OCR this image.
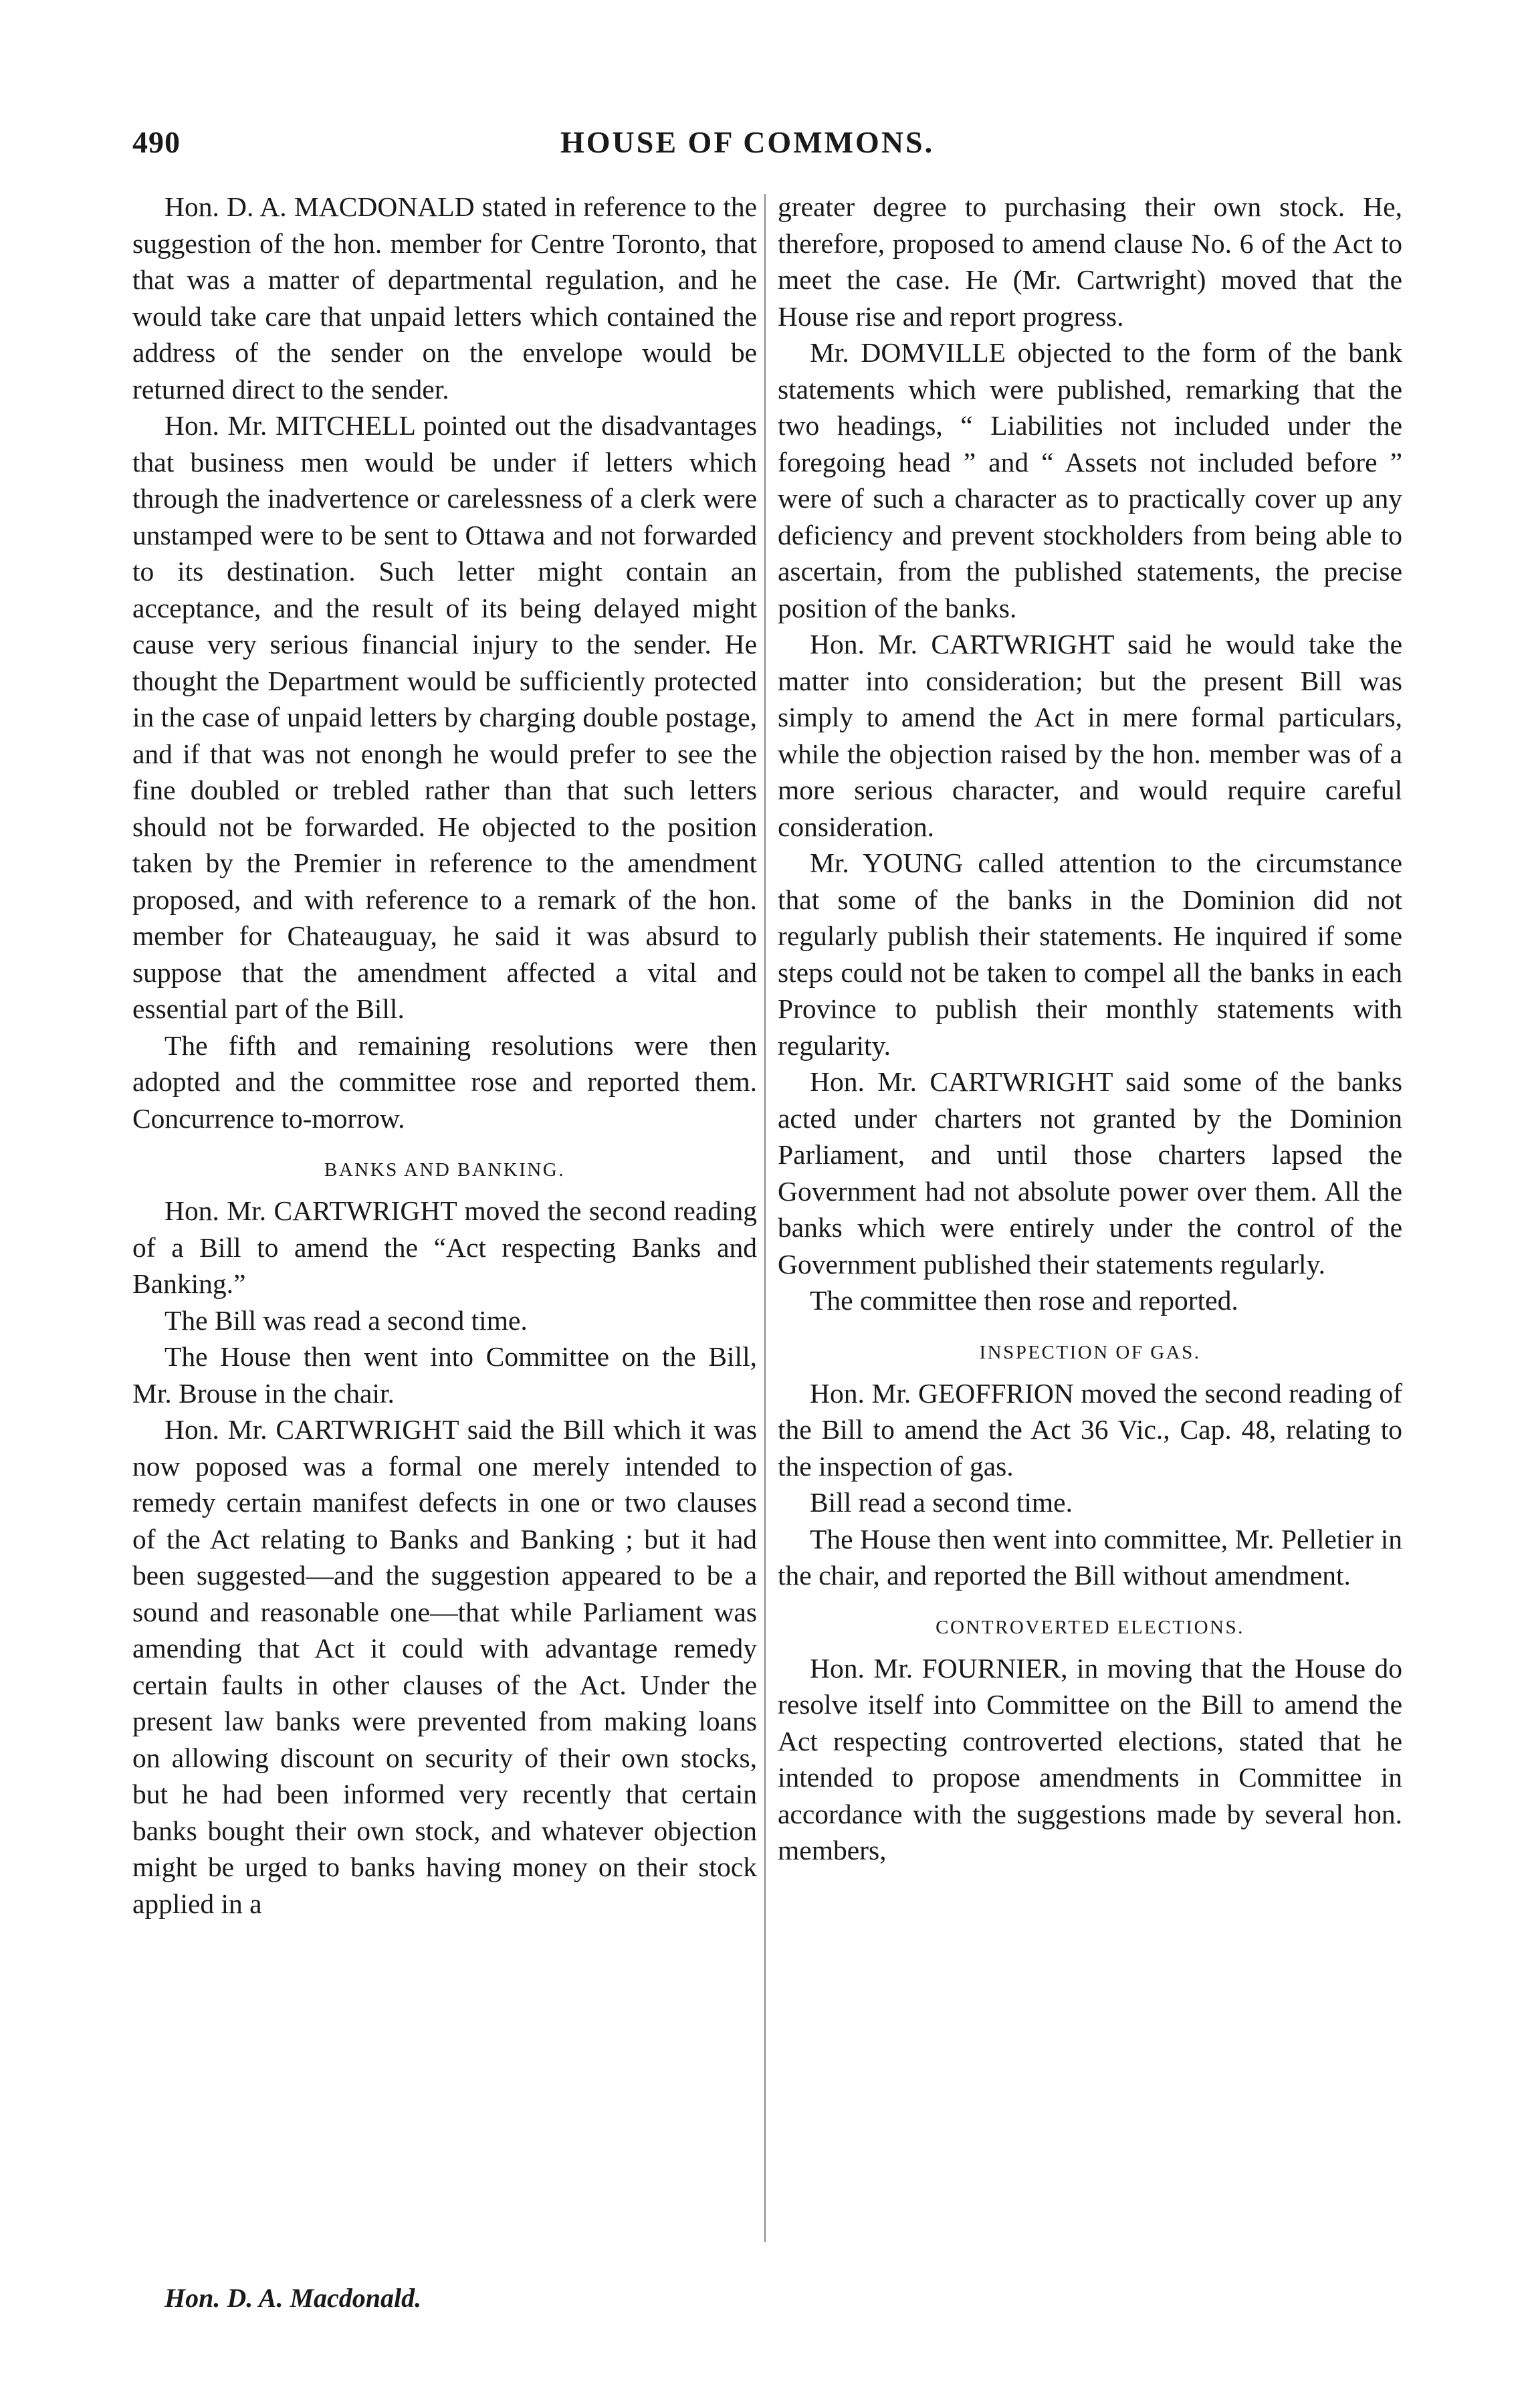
490	HOUSE OF COMMONS.

Hon. D. A. MACDONALD stated in reference to the suggestion of the hon. member for Centre Toronto, that that was a matter of departmental regulation, and he would take care that unpaid letters which contained the address of the sender on the envelope would be returned direct to the sender.

Hon. Mr. MITCHELL pointed out the disadvantages that business men would be under if letters which through the inadvertence or carelessness of a clerk were unstamped were to be sent to Ottawa and not forwarded to its destination. Such letter might contain an acceptance, and the result of its being delayed might cause very serious financial injury to the sender. He thought the Department would be sufficiently protected in the case of unpaid letters by charging double postage, and if that was not enongh he would prefer to see the fine doubled or trebled rather than that such letters should not be forwarded. He objected to the position taken by the Premier in reference to the amendment proposed, and with reference to a remark of the hon. member for Chateauguay, he said it was absurd to suppose that the amendment affected a vital and essential part of the Bill.

The fifth and remaining resolutions were then adopted and the committee rose and reported them. Concurrence to-morrow.

BANKS AND BANKING.

Hon. Mr. CARTWRIGHT moved the second reading of a Bill to amend the “Act respecting Banks and Banking.”

The Bill was read a second time.

The House then went into Committee on the Bill, Mr. Brouse in the chair.

Hon. Mr. CARTWRIGHT said the Bill which it was now poposed was a formal one merely intended to remedy certain manifest defects in one or two clauses of the Act relating to Banks and Banking ; but it had been suggested—and the suggestion appeared to be a sound and reasonable one—that while Parliament was amending that Act it could with advantage remedy certain faults in other clauses of the Act. Under the present law banks were prevented from making loans on allowing discount on security of their own stocks, but he had been informed very recently that certain banks bought their own stock, and whatever objection might be urged to banks having money on their stock applied in a

greater degree to purchasing their own stock. He, therefore, proposed to amend clause No. 6 of the Act to meet the case. He (Mr. Cartwright) moved that the House rise and report progress.

Mr. DOMVILLE objected to the form of the bank statements which were published, remarking that the two headings, “ Liabilities not included under the foregoing head ” and “ Assets not included before ” were of such a character as to practically cover up any deficiency and prevent stockholders from being able to ascertain, from the published statements, the precise position of the banks.

Hon. Mr. CARTWRIGHT said he would take the matter into consideration; but the present Bill was simply to amend the Act in mere formal particulars, while the objection raised by the hon. member was of a more serious character, and would require careful consideration.

Mr. YOUNG called attention to the circumstance that some of the banks in the Dominion did not regularly publish their statements. He inquired if some steps could not be taken to compel all the banks in each Province to publish their monthly statements with regularity.

Hon. Mr. CARTWRIGHT said some of the banks acted under charters not granted by the Dominion Parliament, and until those charters lapsed the Government had not absolute power over them. All the banks which were entirely under the control of the Government published their statements regularly.

The committee then rose and reported.

INSPECTION OF GAS.

Hon. Mr. GEOFFRION moved the second reading of the Bill to amend the Act 36 Vic., Cap. 48, relating to the inspection of gas.

Bill read a second time.

The House then went into committee, Mr. Pelletier in the chair, and reported the Bill without amendment.

CONTROVERTED ELECTIONS.

Hon. Mr. FOURNIER, in moving that the House do resolve itself into Committee on the Bill to amend the Act respecting controverted elections, stated that he intended to propose amendments in Committee in accordance with the suggestions made by several hon. members,

Hon. D. A. Macdonald.
